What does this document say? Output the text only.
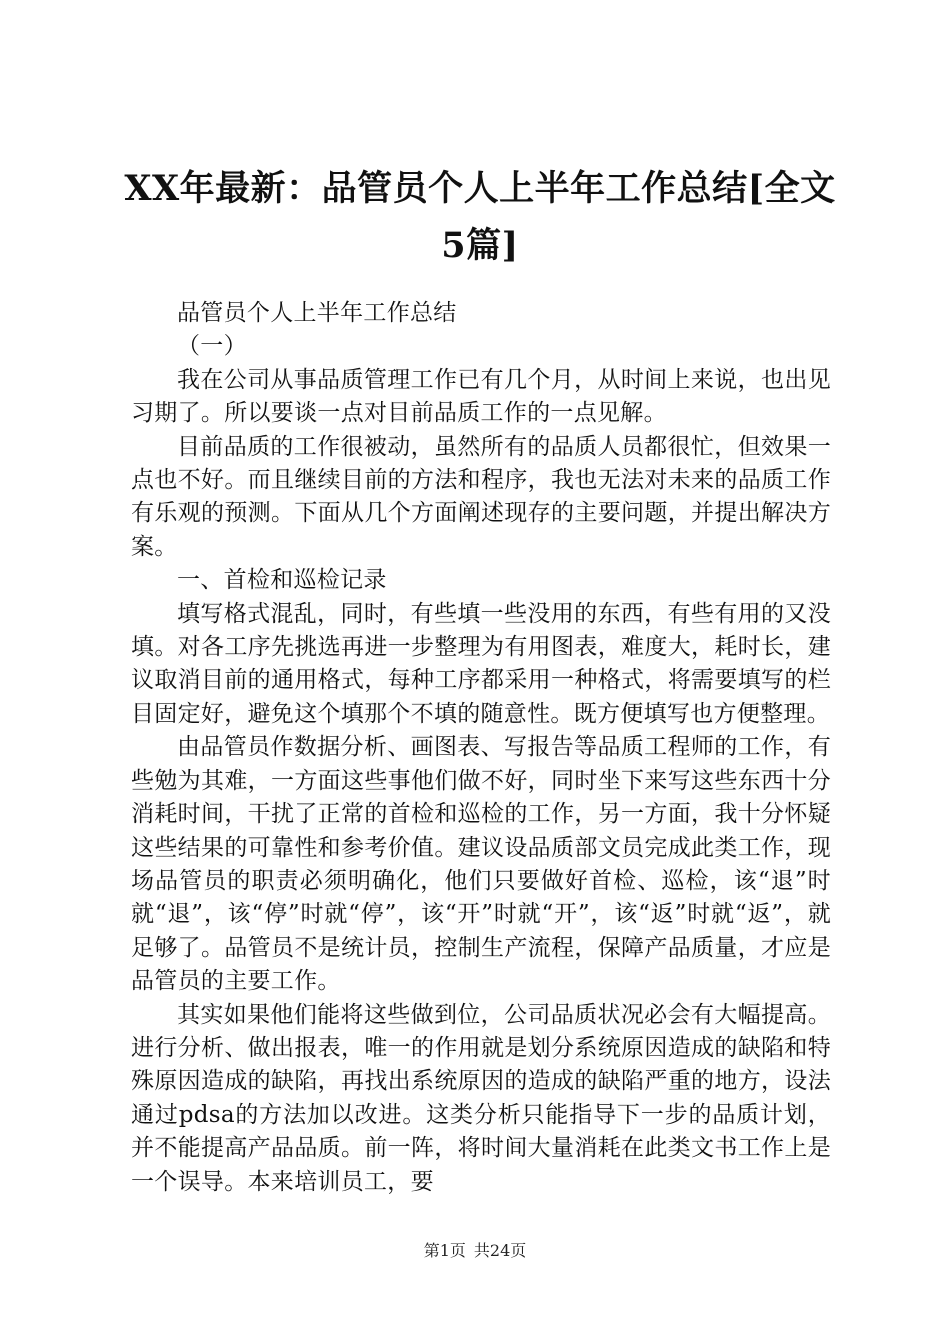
XX年最新：品管员个人上半年工作总结[全文5篇]

品管员个人上半年工作总结

（一）

我在公司从事品质管理工作已有几个月，从时间上来说，也出见习期了。所以要谈一点对目前品质工作的一点见解。

目前品质的工作很被动，虽然所有的品质人员都很忙，但效果一点也不好。而且继续目前的方法和程序，我也无法对未来的品质工作有乐观的预测。下面从几个方面阐述现存的主要问题，并提出解决方案。

一、首检和巡检记录

填写格式混乱，同时，有些填一些没用的东西，有些有用的又没填。对各工序先挑选再进一步整理为有用图表，难度大，耗时长，建议取消目前的通用格式，每种工序都采用一种格式，将需要填写的栏目固定好，避免这个填那个不填的随意性。既方便填写也方便整理。

由品管员作数据分析、画图表、写报告等品质工程师的工作，有些勉为其难，一方面这些事他们做不好，同时坐下来写这些东西十分消耗时间，干扰了正常的首检和巡检的工作，另一方面，我十分怀疑这些结果的可靠性和参考价值。建议设品质部文员完成此类工作，现场品管员的职责必须明确化，他们只要做好首检、巡检，该“退”时就“退”，该“停”时就“停”，该“开”时就“开”，该“返”时就“返”，就足够了。品管员不是统计员，控制生产流程，保障产品质量，才应是品管员的主要工作。

其实如果他们能将这些做到位，公司品质状况必会有大幅提高。进行分析、做出报表，唯一的作用就是划分系统原因造成的缺陷和特殊原因造成的缺陷，再找出系统原因的造成的缺陷严重的地方，设法通过pdsa的方法加以改进。这类分析只能指导下一步的品质计划，并不能提高产品品质。前一阵，将时间大量消耗在此类文书工作上是一个误导。本来培训员工，要

第1页 共24页
